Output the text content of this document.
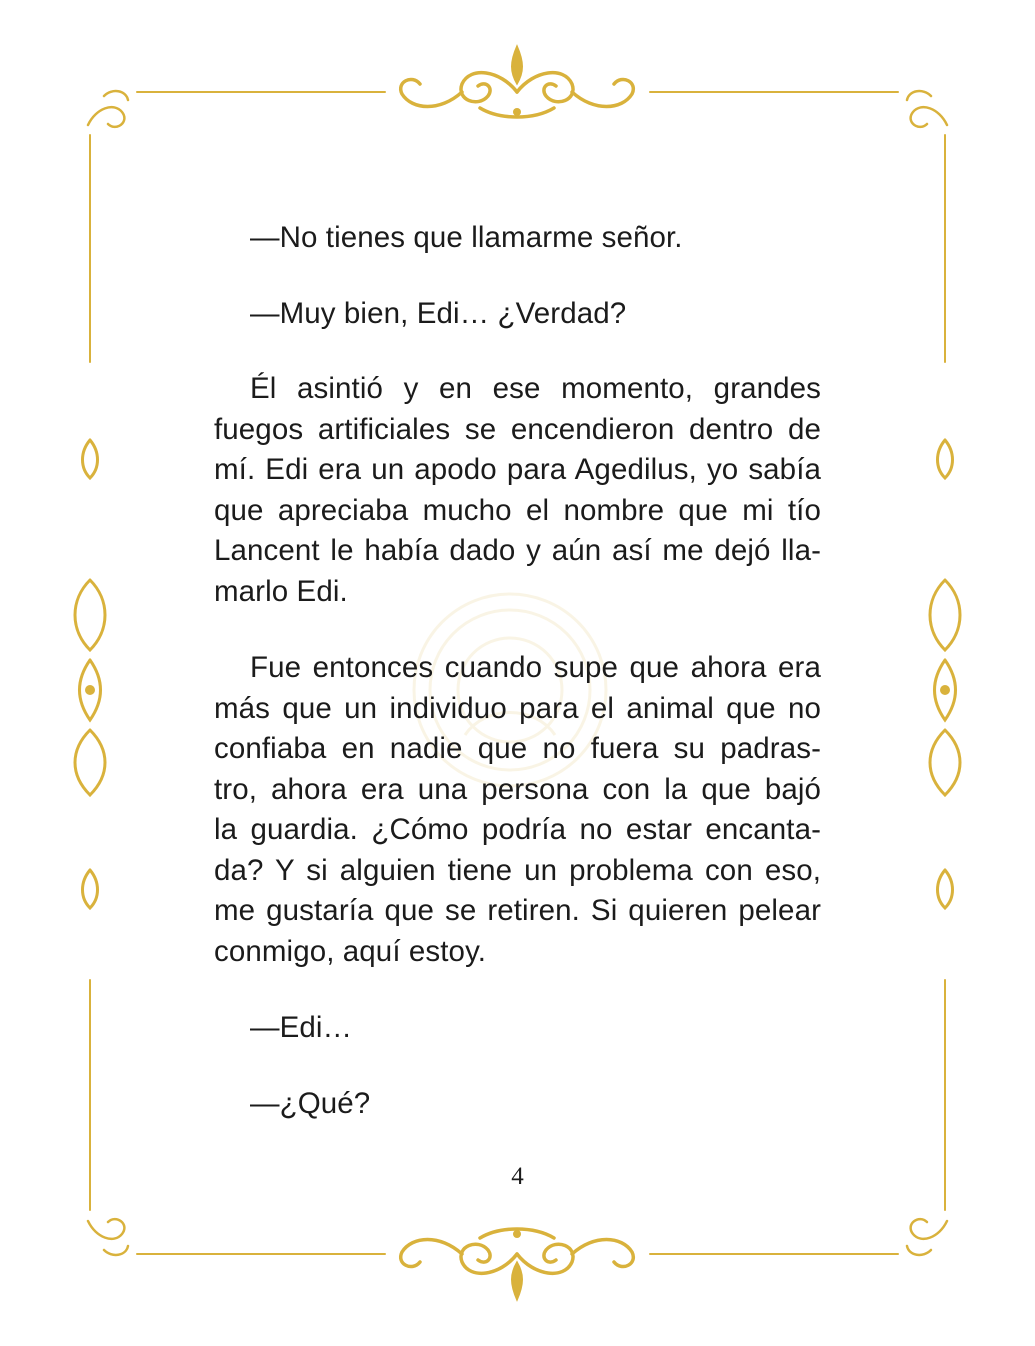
—No tienes que llamarme señor.

—Muy bien, Edi… ¿Verdad?

Él asintió y en ese momento, grandes
fuegos artificiales se encendieron dentro de
mí. Edi era un apodo para Agedilus, yo sabía
que apreciaba mucho el nombre que mi tío
Lancent le había dado y aún así me dejó lla-
marlo Edi.
Fue entonces cuando supe que ahora era
más que un individuo para el animal que no
confiaba en nadie que no fuera su padras-
tro, ahora era una persona con la que bajó
la guardia. ¿Cómo podría no estar encanta-
da? Y si alguien tiene un problema con eso,
me gustaría que se retiren. Si quieren pelear
conmigo, aquí estoy.

—Edi…

—¿Qué?

4
